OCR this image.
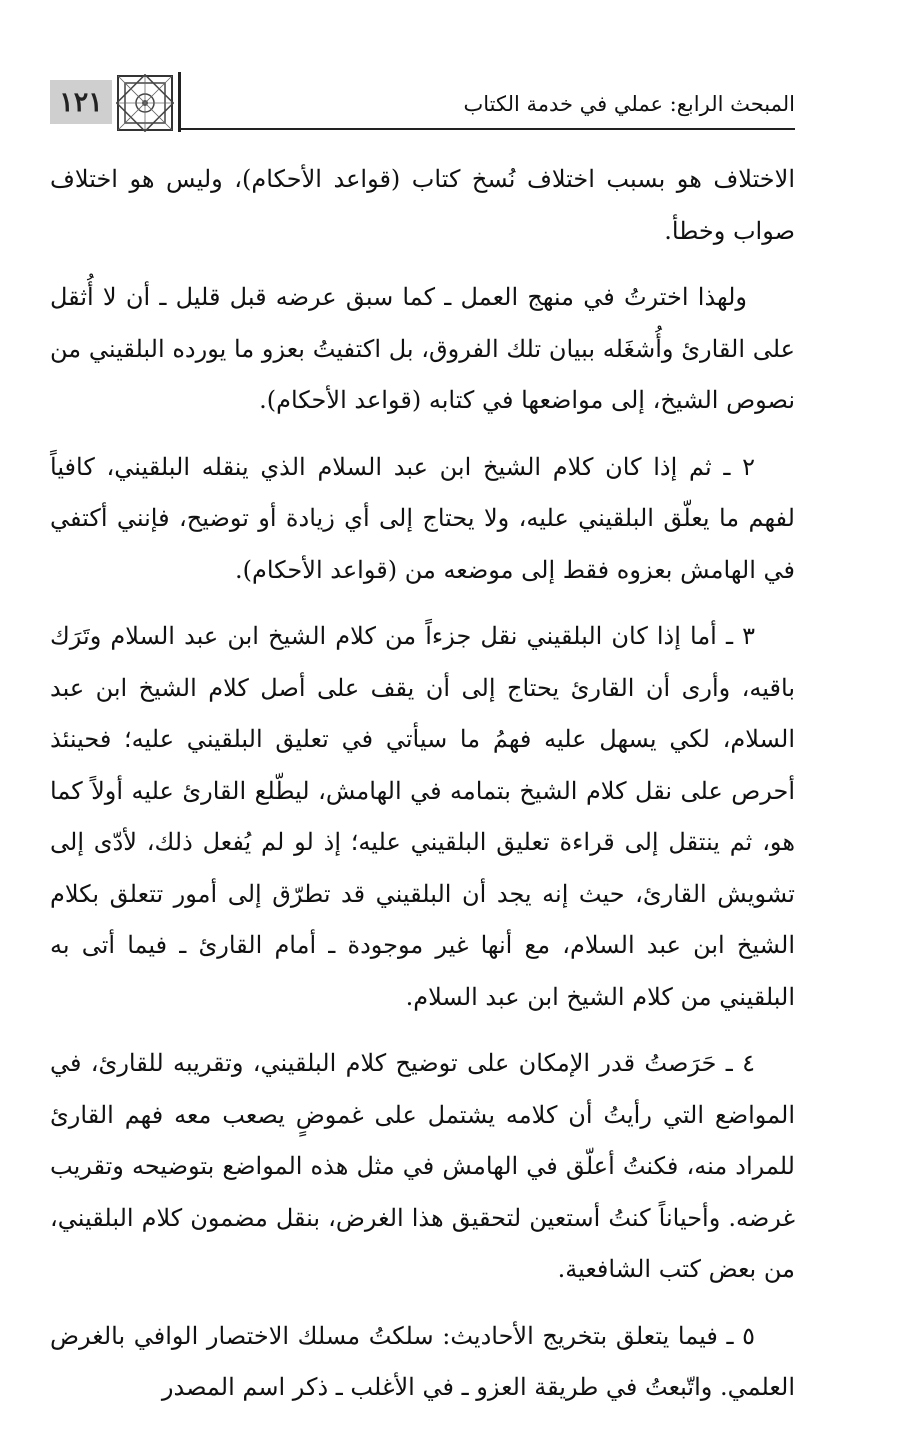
١٢١	المبحث الرابع: عملي في خدمة الكتاب

الاختلاف هو بسبب اختلاف نُسخ كتاب (قواعد الأحكام)، وليس هو اختلاف صواب وخطأ.

ولهذا اخترتُ في منهج العمل ـ كما سبق عرضه قبل قليل ـ أن لا أُثقل على القارئ وأُشغَله ببيان تلك الفروق، بل اكتفيتُ بعزو ما يورده البلقيني من نصوص الشيخ، إلى مواضعها في كتابه (قواعد الأحكام).

٢ ـ ثم إذا كان كلام الشيخ ابن عبد السلام الذي ينقله البلقيني، كافياً لفهم ما يعلّق البلقيني عليه، ولا يحتاج إلى أي زيادة أو توضيح، فإنني أكتفي في الهامش بعزوه فقط إلى موضعه من (قواعد الأحكام).

٣ ـ أما إذا كان البلقيني نقل جزءاً من كلام الشيخ ابن عبد السلام وتَرَك باقيه، وأرى أن القارئ يحتاج إلى أن يقف على أصل كلام الشيخ ابن عبد السلام، لكي يسهل عليه فهمُ ما سيأتي في تعليق البلقيني عليه؛ فحينئذ أحرص على نقل كلام الشيخ بتمامه في الهامش، ليطّلع القارئ عليه أولاً كما هو، ثم ينتقل إلى قراءة تعليق البلقيني عليه؛ إذ لو لم يُفعل ذلك، لأدّى إلى تشويش القارئ، حيث إنه يجد أن البلقيني قد تطرّق إلى أمور تتعلق بكلام الشيخ ابن عبد السلام، مع أنها غير موجودة ـ أمام القارئ ـ فيما أتى به البلقيني من كلام الشيخ ابن عبد السلام.

٤ ـ حَرَصتُ قدر الإمكان على توضيح كلام البلقيني، وتقريبه للقارئ، في المواضع التي رأيتُ أن كلامه يشتمل على غموضٍ يصعب معه فهم القارئ للمراد منه، فكنتُ أعلّق في الهامش في مثل هذه المواضع بتوضيحه وتقريب غرضه. وأحياناً كنتُ أستعين لتحقيق هذا الغرض، بنقل مضمون كلام البلقيني، من بعض كتب الشافعية.

٥ ـ فيما يتعلق بتخريج الأحاديث: سلكتُ مسلك الاختصار الوافي بالغرض العلمي. واتّبعتُ في طريقة العزو ـ في الأغلب ـ ذكر اسم المصدر
